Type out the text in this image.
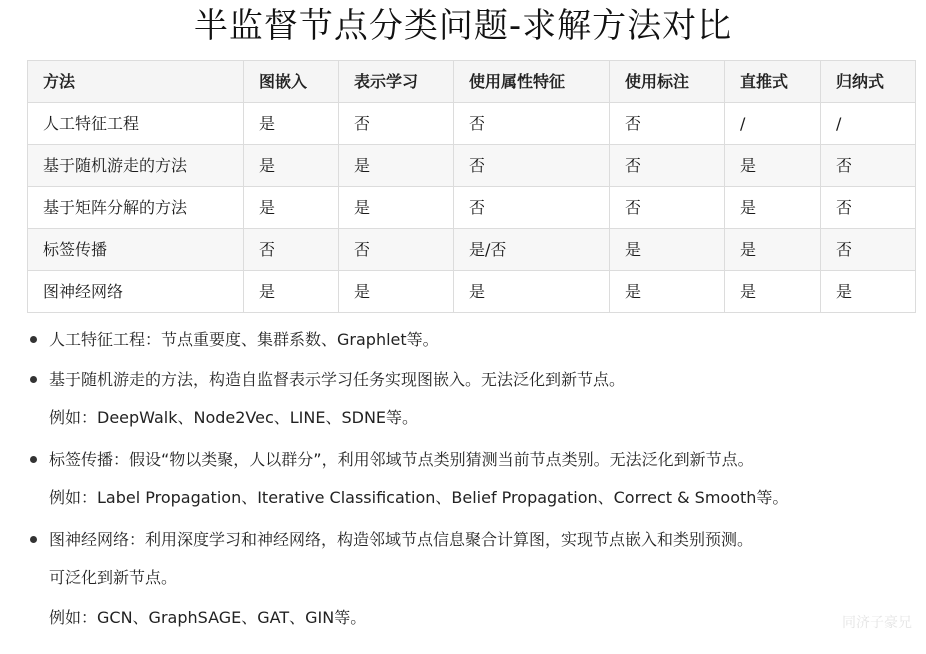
半监督节点分类问题-求解方法对比
方法	图嵌入	表示学习	使用属性特征	使用标注	直推式	归纳式
人工特征工程	是	否	否	否	/	/
基于随机游走的方法	是	是	否	否	是	否
基于矩阵分解的方法	是	是	否	否	是	否
标签传播	否	否	是/否	是	是	否
图神经网络	是	是	是	是	是	是
人工特征工程：节点重要度、集群系数、Graphlet等。
基于随机游走的方法，构造自监督表示学习任务实现图嵌入。无法泛化到新节点。
例如：DeepWalk、Node2Vec、LINE、SDNE等。
标签传播：假设“物以类聚，人以群分”，利用邻域节点类别猜测当前节点类别。无法泛化到新节点。
例如：Label Propagation、Iterative Classification、Belief Propagation、Correct & Smooth等。
图神经网络：利用深度学习和神经网络，构造邻域节点信息聚合计算图，实现节点嵌入和类别预测。
可泛化到新节点。
例如：GCN、GraphSAGE、GAT、GIN等。	同济子豪兄
